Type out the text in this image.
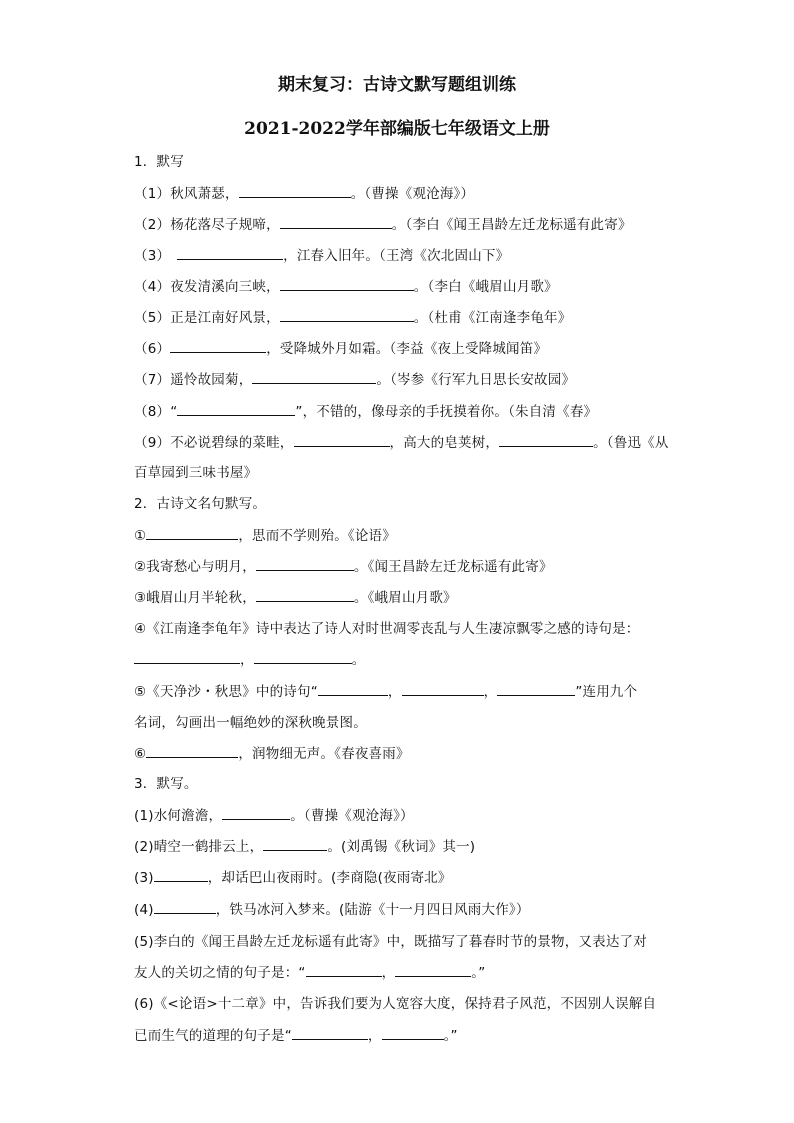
期末复习：古诗文默写题组训练
2021-2022学年部编版七年级语文上册
1．默写
（1）秋风萧瑟，	。（曹操《观沧海》）
（2）杨花落尽子规啼，	。（李白《闻王昌龄左迁龙标遥有此寄》
（3）　	，江春入旧年。（王湾《次北固山下》
（4）夜发清溪向三峡，	。（李白《峨眉山月歌》
（5）正是江南好风景，	。（杜甫《江南逢李龟年》
（6）	，受降城外月如霜。（李益《夜上受降城闻笛》
（7）遥怜故园菊，	。（岑参《行军九日思长安故园》
（8）“	”，不错的，像母亲的手抚摸着你。（朱自清《春》
（9）不必说碧绿的菜畦，	，高大的皂荚树，	。（鲁迅《从
百草园到三味书屋》
2．古诗文名句默写。
①	，思而不学则殆。《论语》
②我寄愁心与明月，	。《闻王昌龄左迁龙标遥有此寄》
③峨眉山月半轮秋，	。《峨眉山月歌》
④《江南逢李龟年》诗中表达了诗人对时世凋零丧乱与人生凄凉飘零之感的诗句是：
，	。
⑤《天净沙・秋思》中的诗句“	，	，	”连用九个
名词，勾画出一幅绝妙的深秋晚景图。
⑥	，润物细无声。《春夜喜雨》
3．默写。
(1)水何澹澹，	。（曹操《观沧海》）
(2)晴空一鹤排云上，	。(刘禹锡《秋词》其一)
(3)	，却话巴山夜雨时。(李商隐(夜雨寄北》
(4)	，铁马冰河入梦来。(陆游《十一月四日风雨大作》）
(5)李白的《闻王昌龄左迁龙标遥有此寄》中，既描写了暮春时节的景物，又表达了对
友人的关切之情的句子是：“	，	。”
(6)《<论语>十二章》中，告诉我们要为人宽容大度，保持君子风范，不因别人误解自
已而生气的道理的句子是“	，	。”
